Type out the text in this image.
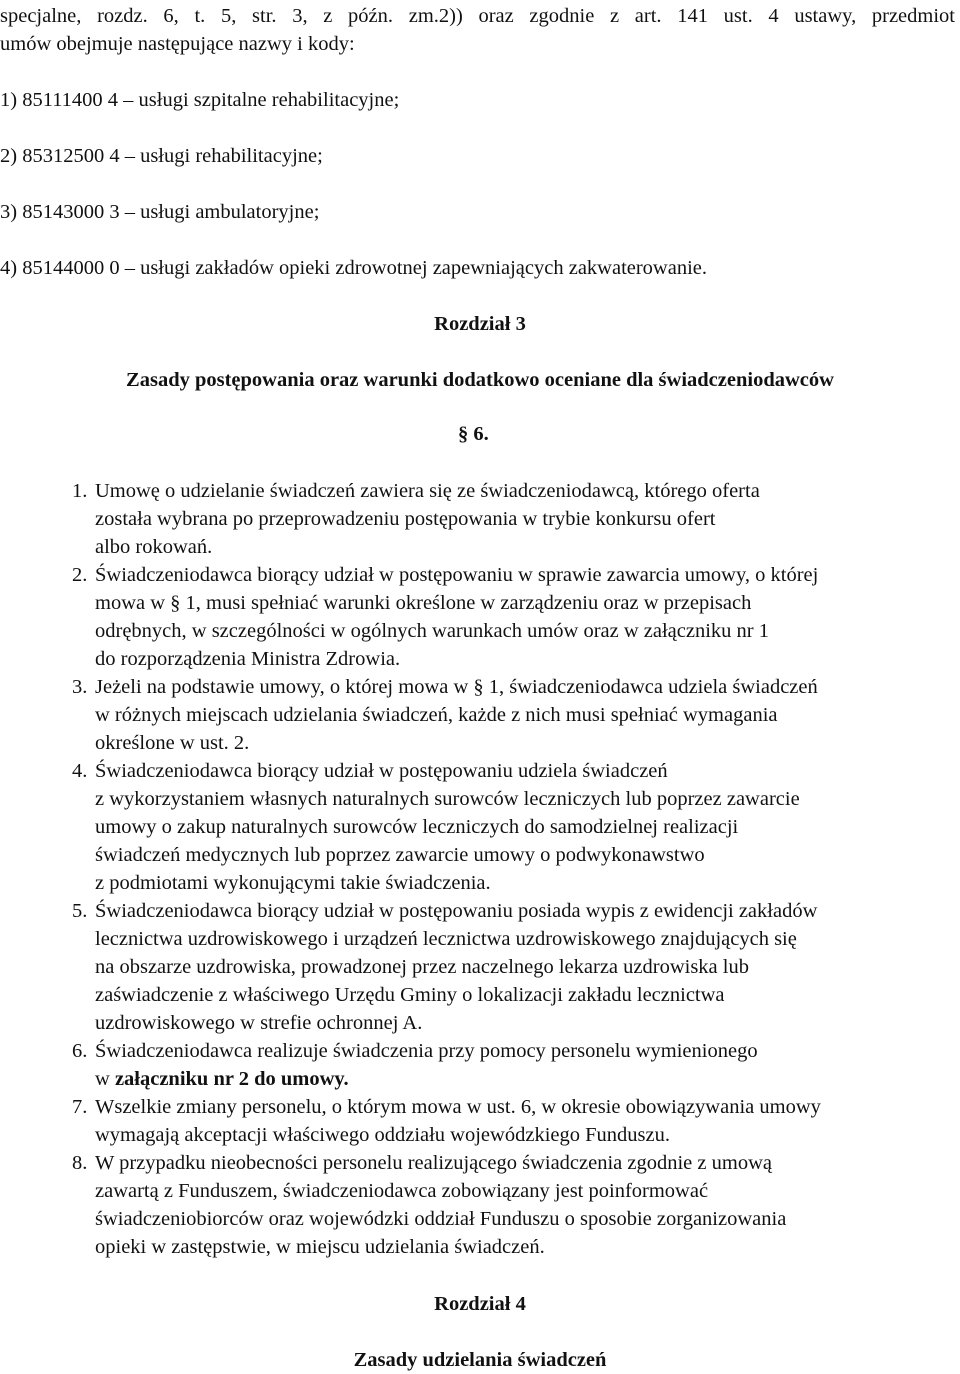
specjalne, rozdz. 6, t. 5, str. 3, z późn. zm.2)) oraz zgodnie z art. 141 ust. 4 ustawy, przedmiot
umów obejmuje następujące nazwy i kody:
1) 85111400 4 – usługi szpitalne rehabilitacyjne;
2) 85312500 4 – usługi rehabilitacyjne;
3) 85143000 3 – usługi ambulatoryjne;
4) 85144000 0 – usługi zakładów opieki zdrowotnej zapewniających zakwaterowanie.
Rozdział 3
Zasady postępowania oraz warunki dodatkowo oceniane dla świadczeniodawców
§ 6.
1. Umowę o udzielanie świadczeń zawiera się ze świadczeniodawcą, którego oferta
została wybrana po przeprowadzeniu postępowania w trybie konkursu ofert
albo rokowań.
2. Świadczeniodawca biorący udział w postępowaniu w sprawie zawarcia umowy, o której
mowa w § 1, musi spełniać warunki określone w zarządzeniu oraz w przepisach
odrębnych, w szczególności w ogólnych warunkach umów oraz w załączniku nr 1
do rozporządzenia Ministra Zdrowia.
3. Jeżeli na podstawie umowy, o której mowa w § 1, świadczeniodawca udziela świadczeń
w różnych miejscach udzielania świadczeń, każde z nich musi spełniać wymagania
określone w ust. 2.
4. Świadczeniodawca biorący udział w postępowaniu udziela świadczeń
z wykorzystaniem własnych naturalnych surowców leczniczych lub poprzez zawarcie
umowy o zakup naturalnych surowców leczniczych do samodzielnej realizacji
świadczeń medycznych lub poprzez zawarcie umowy o podwykonawstwo
z podmiotami wykonującymi takie świadczenia.
5. Świadczeniodawca biorący udział w postępowaniu posiada wypis z ewidencji zakładów
lecznictwa uzdrowiskowego i urządzeń lecznictwa uzdrowiskowego znajdujących się
na obszarze uzdrowiska, prowadzonej przez naczelnego lekarza uzdrowiska lub
zaświadczenie z właściwego Urzędu Gminy o lokalizacji zakładu lecznictwa
uzdrowiskowego w strefie ochronnej A.
6. Świadczeniodawca realizuje świadczenia przy pomocy personelu wymienionego
w załączniku nr 2 do umowy.
7. Wszelkie zmiany personelu, o którym mowa w ust. 6, w okresie obowiązywania umowy
wymagają akceptacji właściwego oddziału wojewódzkiego Funduszu.
8. W przypadku nieobecności personelu realizującego świadczenia zgodnie z umową
zawartą z Funduszem, świadczeniodawca zobowiązany jest poinformować
świadczeniobiorców oraz wojewódzki oddział Funduszu o sposobie zorganizowania
opieki w zastępstwie, w miejscu udzielania świadczeń.
Rozdział 4
Zasady udzielania świadczeń
